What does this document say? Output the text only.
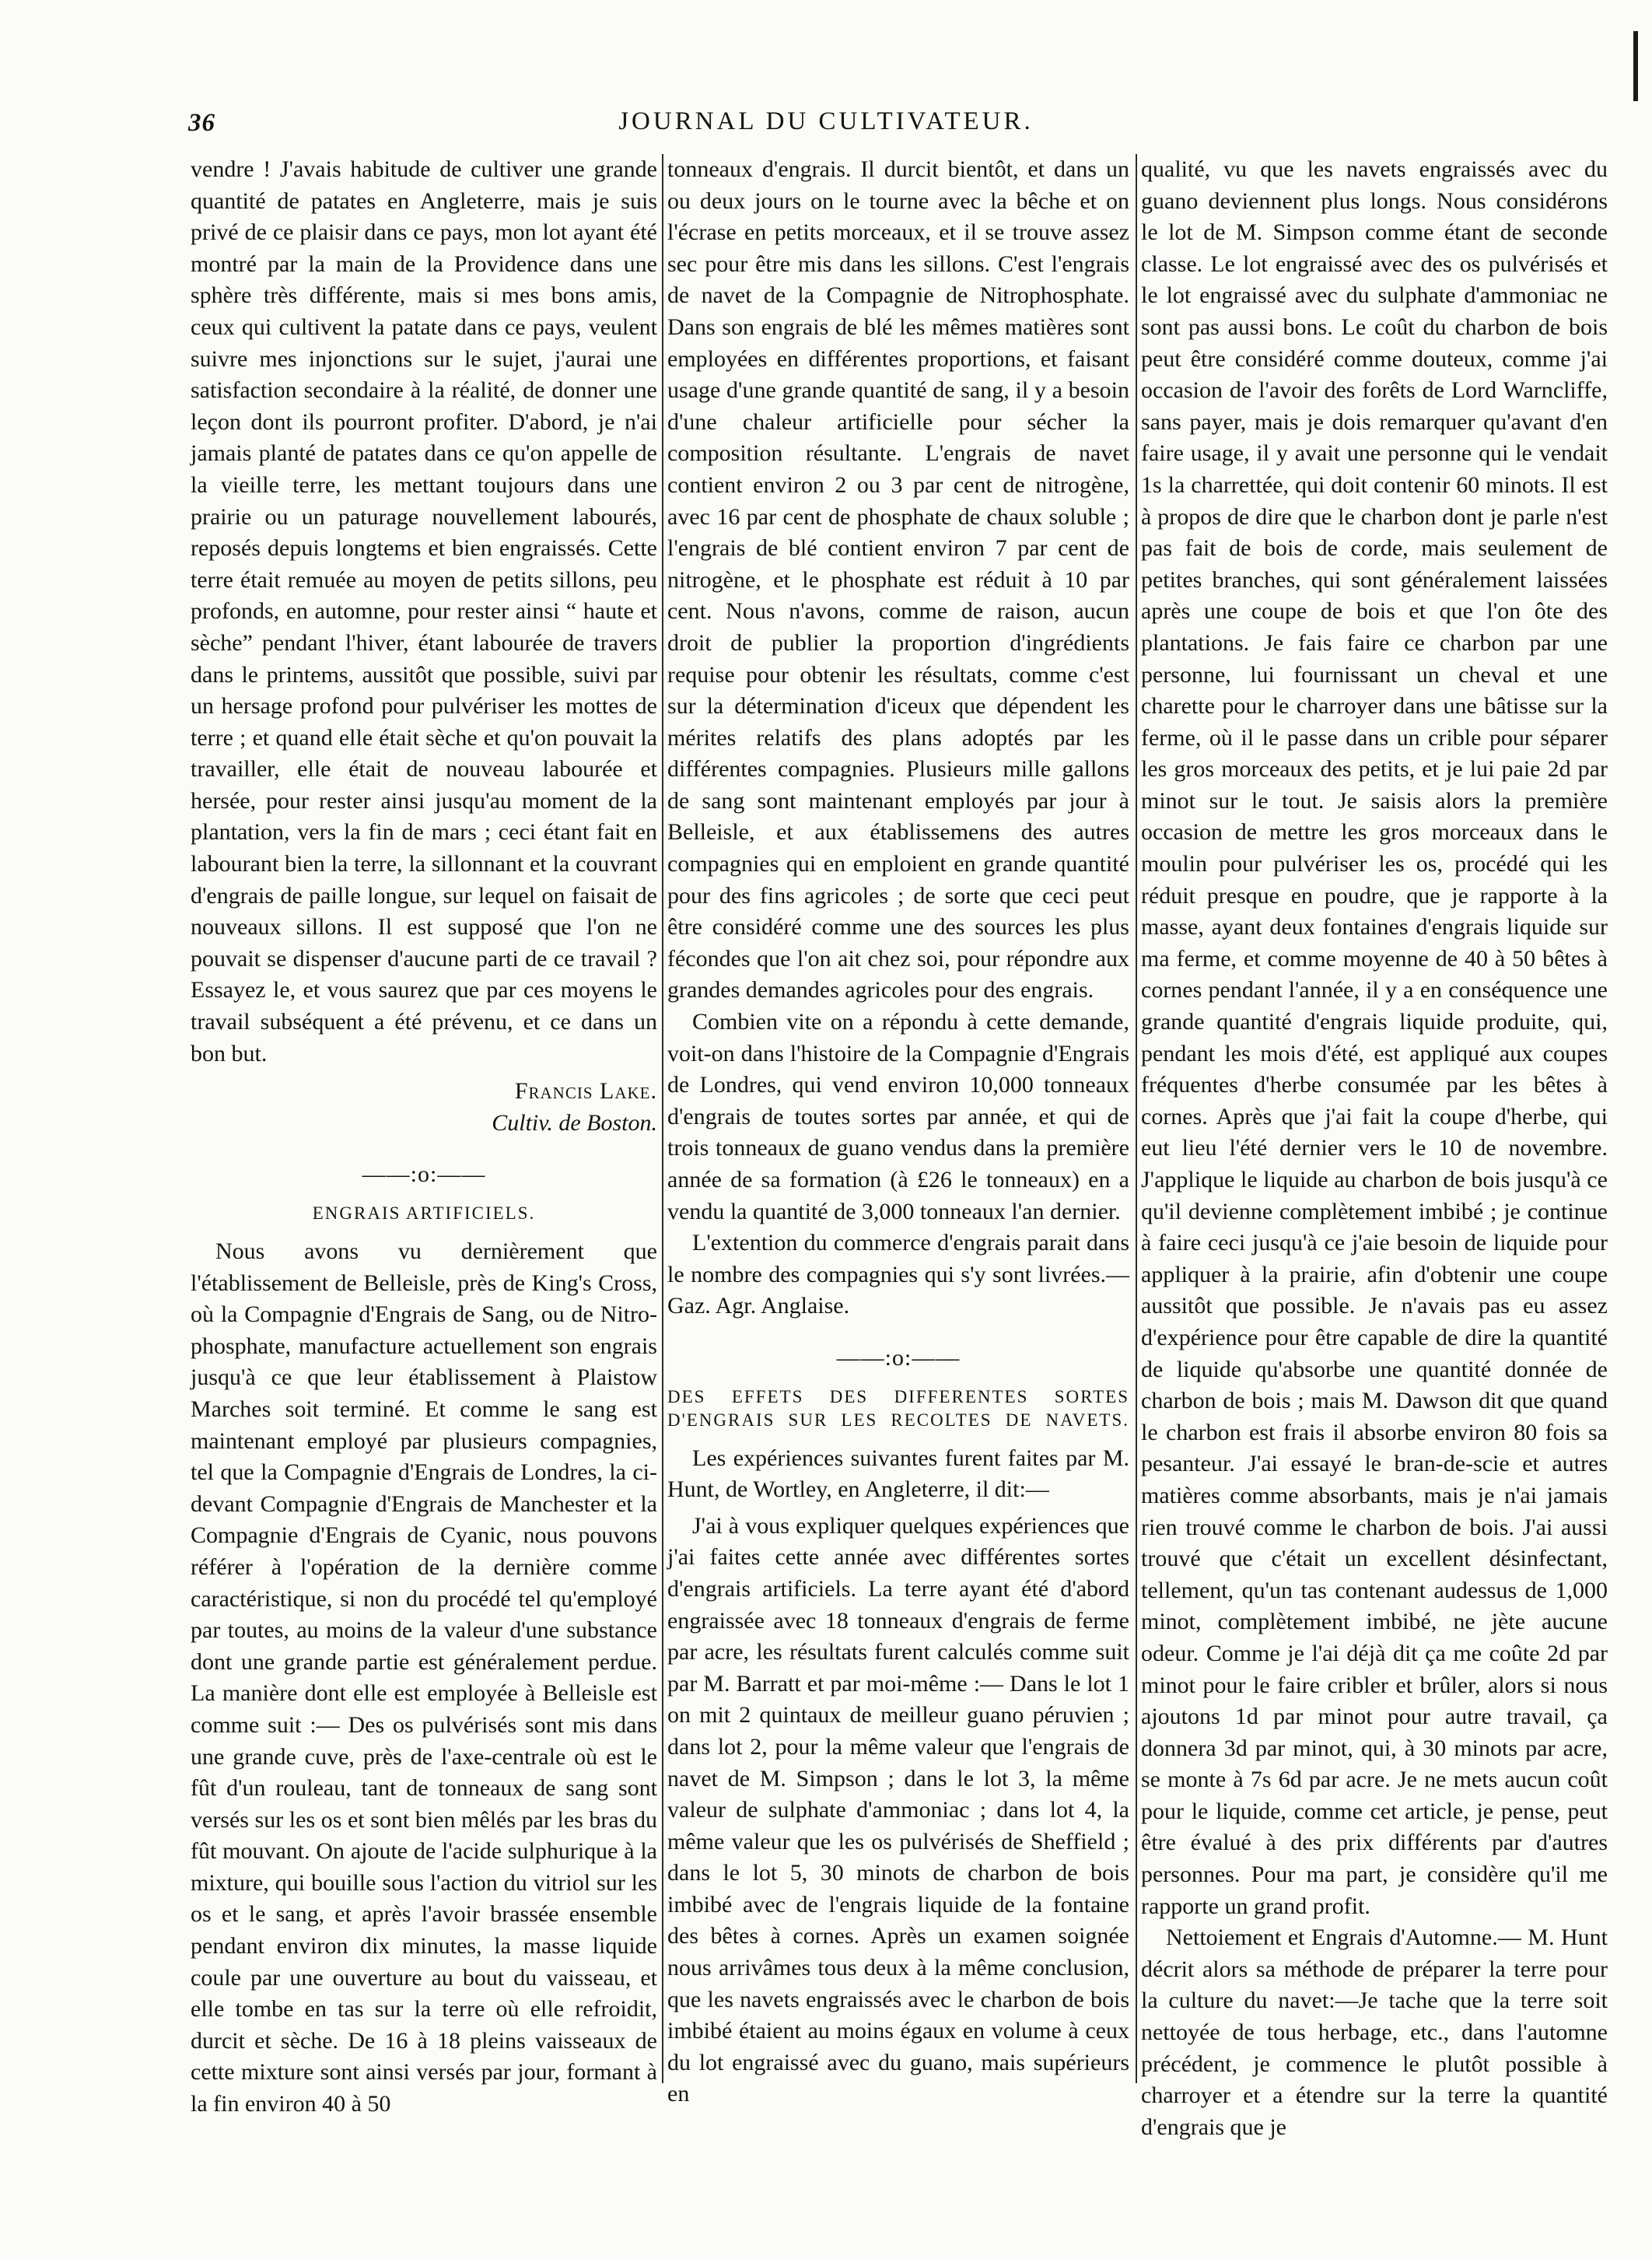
36	JOURNAL DU CULTIVATEUR.

vendre ! J'avais habitude de cultiver une grande quantité de patates en Angleterre, mais je suis privé de ce plaisir dans ce pays, mon lot ayant été montré par la main de la Providence dans une sphère très différente, mais si mes bons amis, ceux qui cultivent la patate dans ce pays, veulent suivre mes injonctions sur le sujet, j'aurai une satisfaction secondaire à la réalité, de donner une leçon dont ils pourront profiter. D'abord, je n'ai jamais planté de patates dans ce qu'on appelle de la vieille terre, les mettant toujours dans une prairie ou un paturage nouvellement labourés, reposés depuis longtems et bien engraissés. Cette terre était remuée au moyen de petits sillons, peu profonds, en automne, pour rester ainsi “ haute et sèche” pendant l'hiver, étant labourée de travers dans le printems, aussitôt que possible, suivi par un hersage profond pour pulvériser les mottes de terre ; et quand elle était sèche et qu'on pouvait la travailler, elle était de nouveau labourée et hersée, pour rester ainsi jusqu'au moment de la plantation, vers la fin de mars ; ceci étant fait en labourant bien la terre, la sillonnant et la couvrant d'engrais de paille longue, sur lequel on faisait de nouveaux sillons. Il est supposé que l'on ne pouvait se dispenser d'aucune parti de ce travail ? Essayez le, et vous saurez que par ces moyens le travail subséquent a été prévenu, et ce dans un bon but.

Francis Lake.

Cultiv. de Boston.

——:o:——

ENGRAIS ARTIFICIELS.

Nous avons vu dernièrement que l'établissement de Belleisle, près de King's Cross, où la Compagnie d'Engrais de Sang, ou de Nitro-phosphate, manufacture actuellement son engrais jusqu'à ce que leur établissement à Plaistow Marches soit terminé. Et comme le sang est maintenant employé par plusieurs compagnies, tel que la Compagnie d'Engrais de Londres, la ci-devant Compagnie d'Engrais de Manchester et la Compagnie d'Engrais de Cyanic, nous pouvons référer à l'opération de la dernière comme caractéristique, si non du procédé tel qu'employé par toutes, au moins de la valeur d'une substance dont une grande partie est généralement perdue. La manière dont elle est employée à Belleisle est comme suit :— Des os pulvérisés sont mis dans une grande cuve, près de l'axe-centrale où est le fût d'un rouleau, tant de tonneaux de sang sont versés sur les os et sont bien mêlés par les bras du fût mouvant. On ajoute de l'acide sulphurique à la mixture, qui bouille sous l'action du vitriol sur les os et le sang, et après l'avoir brassée ensemble pendant environ dix minutes, la masse liquide coule par une ouverture au bout du vaisseau, et elle tombe en tas sur la terre où elle refroidit, durcit et sèche. De 16 à 18 pleins vaisseaux de cette mixture sont ainsi versés par jour, formant à la fin environ 40 à 50

tonneaux d'engrais. Il durcit bientôt, et dans un ou deux jours on le tourne avec la bêche et on l'écrase en petits morceaux, et il se trouve assez sec pour être mis dans les sillons. C'est l'engrais de navet de la Compagnie de Nitrophosphate. Dans son engrais de blé les mêmes matières sont employées en différentes proportions, et faisant usage d'une grande quantité de sang, il y a besoin d'une chaleur artificielle pour sécher la composition résultante. L'engrais de navet contient environ 2 ou 3 par cent de nitrogène, avec 16 par cent de phosphate de chaux soluble ; l'engrais de blé contient environ 7 par cent de nitrogène, et le phosphate est réduit à 10 par cent. Nous n'avons, comme de raison, aucun droit de publier la proportion d'ingrédients requise pour obtenir les résultats, comme c'est sur la détermination d'iceux que dépendent les mérites relatifs des plans adoptés par les différentes compagnies. Plusieurs mille gallons de sang sont maintenant employés par jour à Belleisle, et aux établissemens des autres compagnies qui en emploient en grande quantité pour des fins agricoles ; de sorte que ceci peut être considéré comme une des sources les plus fécondes que l'on ait chez soi, pour répondre aux grandes demandes agricoles pour des engrais.

Combien vite on a répondu à cette demande, voit-on dans l'histoire de la Compagnie d'Engrais de Londres, qui vend environ 10,000 tonneaux d'engrais de toutes sortes par année, et qui de trois tonneaux de guano vendus dans la première année de sa formation (à £26 le tonneaux) en a vendu la quantité de 3,000 tonneaux l'an dernier.

L'extention du commerce d'engrais parait dans le nombre des compagnies qui s'y sont livrées.—Gaz. Agr. Anglaise.

——:o:——

DES EFFETS DES DIFFERENTES SORTES

D'ENGRAIS SUR LES RECOLTES DE NAVETS.

Les expériences suivantes furent faites par M. Hunt, de Wortley, en Angleterre, il dit:—

J'ai à vous expliquer quelques expériences que j'ai faites cette année avec différentes sortes d'engrais artificiels. La terre ayant été d'abord engraissée avec 18 tonneaux d'engrais de ferme par acre, les résultats furent calculés comme suit par M. Barratt et par moi-même :— Dans le lot 1 on mit 2 quintaux de meilleur guano péruvien ; dans lot 2, pour la même valeur que l'engrais de navet de M. Simpson ; dans le lot 3, la même valeur de sulphate d'ammoniac ; dans lot 4, la même valeur que les os pulvérisés de Sheffield ; dans le lot 5, 30 minots de charbon de bois imbibé avec de l'engrais liquide de la fontaine des bêtes à cornes. Après un examen soignée nous arrivâmes tous deux à la même conclusion, que les navets engraissés avec le charbon de bois imbibé étaient au moins égaux en volume à ceux du lot engraissé avec du guano, mais supérieurs en

qualité, vu que les navets engraissés avec du guano deviennent plus longs. Nous considérons le lot de M. Simpson comme étant de seconde classe. Le lot engraissé avec des os pulvérisés et le lot engraissé avec du sulphate d'ammoniac ne sont pas aussi bons. Le coût du charbon de bois peut être considéré comme douteux, comme j'ai occasion de l'avoir des forêts de Lord Warncliffe, sans payer, mais je dois remarquer qu'avant d'en faire usage, il y avait une personne qui le vendait 1s la charrettée, qui doit contenir 60 minots. Il est à propos de dire que le charbon dont je parle n'est pas fait de bois de corde, mais seulement de petites branches, qui sont généralement laissées après une coupe de bois et que l'on ôte des plantations. Je fais faire ce charbon par une personne, lui fournissant un cheval et une charette pour le charroyer dans une bâtisse sur la ferme, où il le passe dans un crible pour séparer les gros morceaux des petits, et je lui paie 2d par minot sur le tout. Je saisis alors la première occasion de mettre les gros morceaux dans le moulin pour pulvériser les os, procédé qui les réduit presque en poudre, que je rapporte à la masse, ayant deux fontaines d'engrais liquide sur ma ferme, et comme moyenne de 40 à 50 bêtes à cornes pendant l'année, il y a en conséquence une grande quantité d'engrais liquide produite, qui, pendant les mois d'été, est appliqué aux coupes fréquentes d'herbe consumée par les bêtes à cornes. Après que j'ai fait la coupe d'herbe, qui eut lieu l'été dernier vers le 10 de novembre. J'applique le liquide au charbon de bois jusqu'à ce qu'il devienne complètement imbibé ; je continue à faire ceci jusqu'à ce j'aie besoin de liquide pour appliquer à la prairie, afin d'obtenir une coupe aussitôt que possible. Je n'avais pas eu assez d'expérience pour être capable de dire la quantité de liquide qu'absorbe une quantité donnée de charbon de bois ; mais M. Dawson dit que quand le charbon est frais il absorbe environ 80 fois sa pesanteur. J'ai essayé le bran-de-scie et autres matières comme absorbants, mais je n'ai jamais rien trouvé comme le charbon de bois. J'ai aussi trouvé que c'était un excellent désinfectant, tellement, qu'un tas contenant audessus de 1,000 minot, complètement imbibé, ne jète aucune odeur. Comme je l'ai déjà dit ça me coûte 2d par minot pour le faire cribler et brûler, alors si nous ajoutons 1d par minot pour autre travail, ça donnera 3d par minot, qui, à 30 minots par acre, se monte à 7s 6d par acre. Je ne mets aucun coût pour le liquide, comme cet article, je pense, peut être évalué à des prix différents par d'autres personnes. Pour ma part, je considère qu'il me rapporte un grand profit.

Nettoiement et Engrais d'Automne.— M. Hunt décrit alors sa méthode de préparer la terre pour la culture du navet:—Je tache que la terre soit nettoyée de tous herbage, etc., dans l'automne précédent, je commence le plutôt possible à charroyer et a étendre sur la terre la quantité d'engrais que je
